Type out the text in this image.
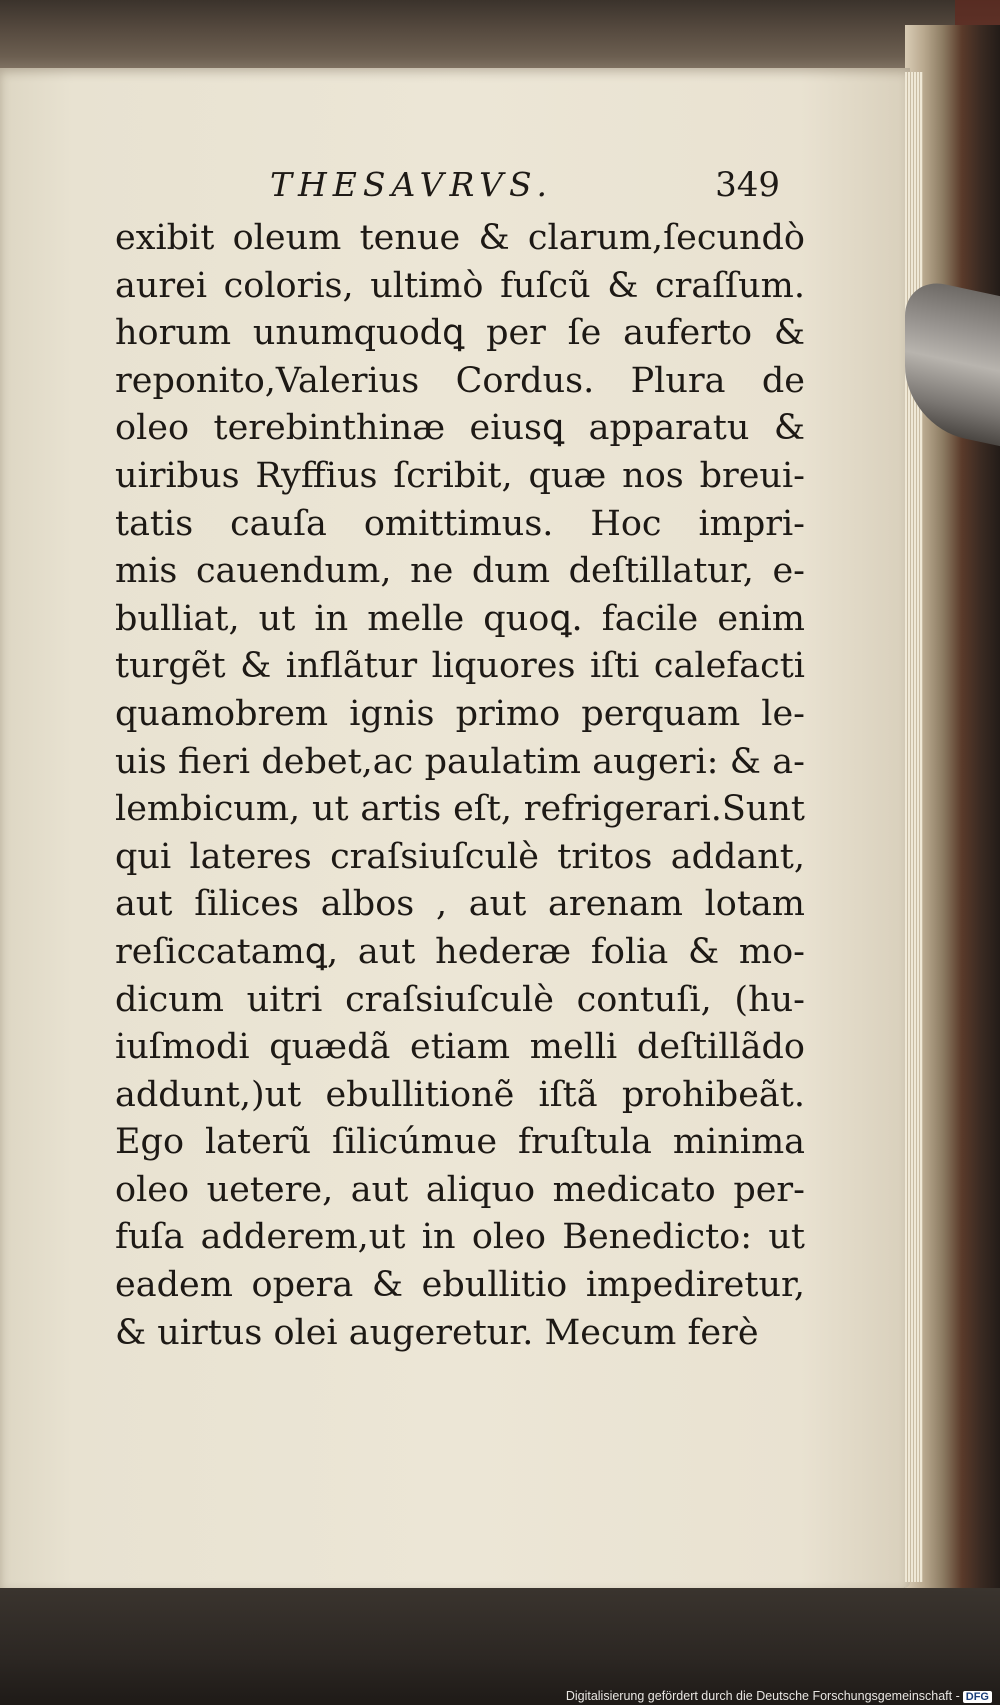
THESAVRVS.	349
exibit oleum tenue & clarum,ſecundò
aurei coloris, ultimò fuſcũ & craſſum.
horum unumquodꝗ per ſe auferto &
reponito,Valerius Cordus. Plura de
oleo terebinthinæ eiusꝗ apparatu &
uiribus Ryffius ſcribit, quæ nos breui-
tatis cauſa omittimus. Hoc impri-
mis cauendum, ne dum deſtillatur, e-
bulliat, ut in melle quoꝗ. facile enim
turgẽt & inflãtur liquores iſti calefacti
quamobrem ignis primo perquam le-
uis fieri debet,ac paulatim augeri: & a-
lembicum, ut artis eſt, refrigerari.Sunt
qui lateres craſsiuſculè tritos addant,
aut ſilices albos , aut arenam lotam
reſiccatamꝗ, aut hederæ folia & mo-
dicum uitri craſsiuſculè contuſi, (hu-
iuſmodi quædã etiam melli deſtillãdo
addunt,)ut ebullitionẽ iſtã prohibeãt.
Ego laterũ ſilicúmue fruſtula minima
oleo uetere, aut aliquo medicato per-
fuſa adderem,ut in oleo Benedicto: ut
eadem opera & ebullitio impediretur,
& uirtus olei augeretur. Mecum ferè
Digitalisierung gefördert durch die Deutsche Forschungsgemeinschaft - DFG
